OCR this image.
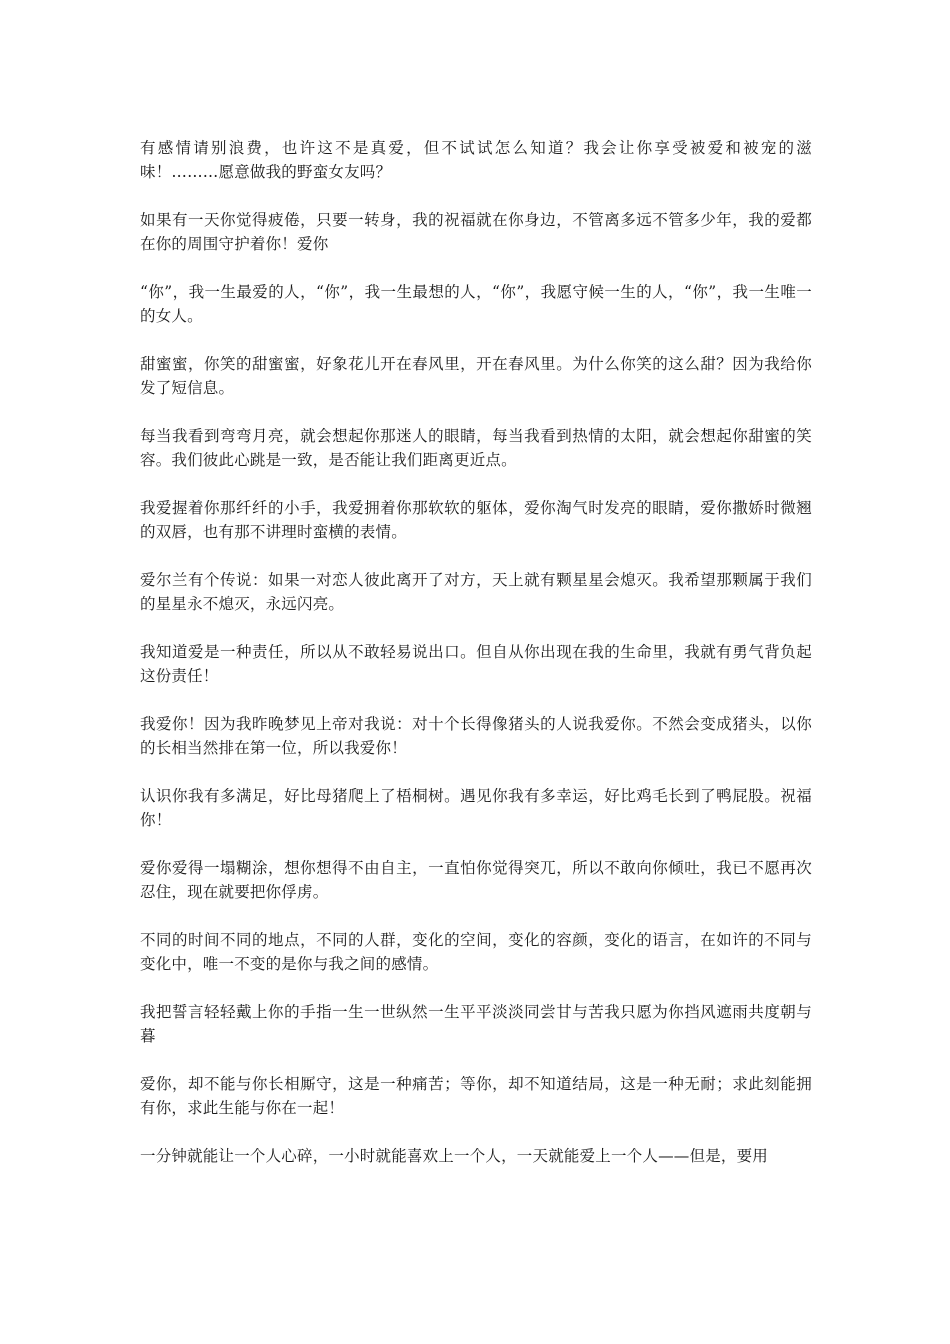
有感情请别浪费，也许这不是真爱，但不试试怎么知道？我会让你享受被爱和被宠的滋味！………愿意做我的野蛮女友吗？

如果有一天你觉得疲倦，只要一转身，我的祝福就在你身边，不管离多远不管多少年，我的爱都在你的周围守护着你！爱你

“你”，我一生最爱的人，“你”，我一生最想的人，“你”，我愿守候一生的人，“你”，我一生唯一的女人。

甜蜜蜜，你笑的甜蜜蜜，好象花儿开在春风里，开在春风里。为什么你笑的这么甜？因为我给你发了短信息。

每当我看到弯弯月亮，就会想起你那迷人的眼睛，每当我看到热情的太阳，就会想起你甜蜜的笑容。我们彼此心跳是一致，是否能让我们距离更近点。

我爱握着你那纤纤的小手，我爱拥着你那软软的躯体，爱你淘气时发亮的眼睛，爱你撒娇时微翘的双唇，也有那不讲理时蛮横的表情。

爱尔兰有个传说：如果一对恋人彼此离开了对方，天上就有颗星星会熄灭。我希望那颗属于我们的星星永不熄灭，永远闪亮。

我知道爱是一种责任，所以从不敢轻易说出口。但自从你出现在我的生命里，我就有勇气背负起这份责任！

我爱你！因为我昨晚梦见上帝对我说：对十个长得像猪头的人说我爱你。不然会变成猪头，以你的长相当然排在第一位，所以我爱你！

认识你我有多满足，好比母猪爬上了梧桐树。遇见你我有多幸运，好比鸡毛长到了鸭屁股。祝福你！

爱你爱得一塌糊涂，想你想得不由自主，一直怕你觉得突兀，所以不敢向你倾吐，我已不愿再次忍住，现在就要把你俘虏。

不同的时间不同的地点，不同的人群，变化的空间，变化的容颜，变化的语言，在如许的不同与变化中，唯一不变的是你与我之间的感情。

我把誓言轻轻戴上你的手指一生一世纵然一生平平淡淡同尝甘与苦我只愿为你挡风遮雨共度朝与暮

爱你，却不能与你长相厮守，这是一种痛苦；等你，却不知道结局，这是一种无耐；求此刻能拥有你，求此生能与你在一起！

一分钟就能让一个人心碎，一小时就能喜欢上一个人，一天就能爱上一个人——但是，要用
